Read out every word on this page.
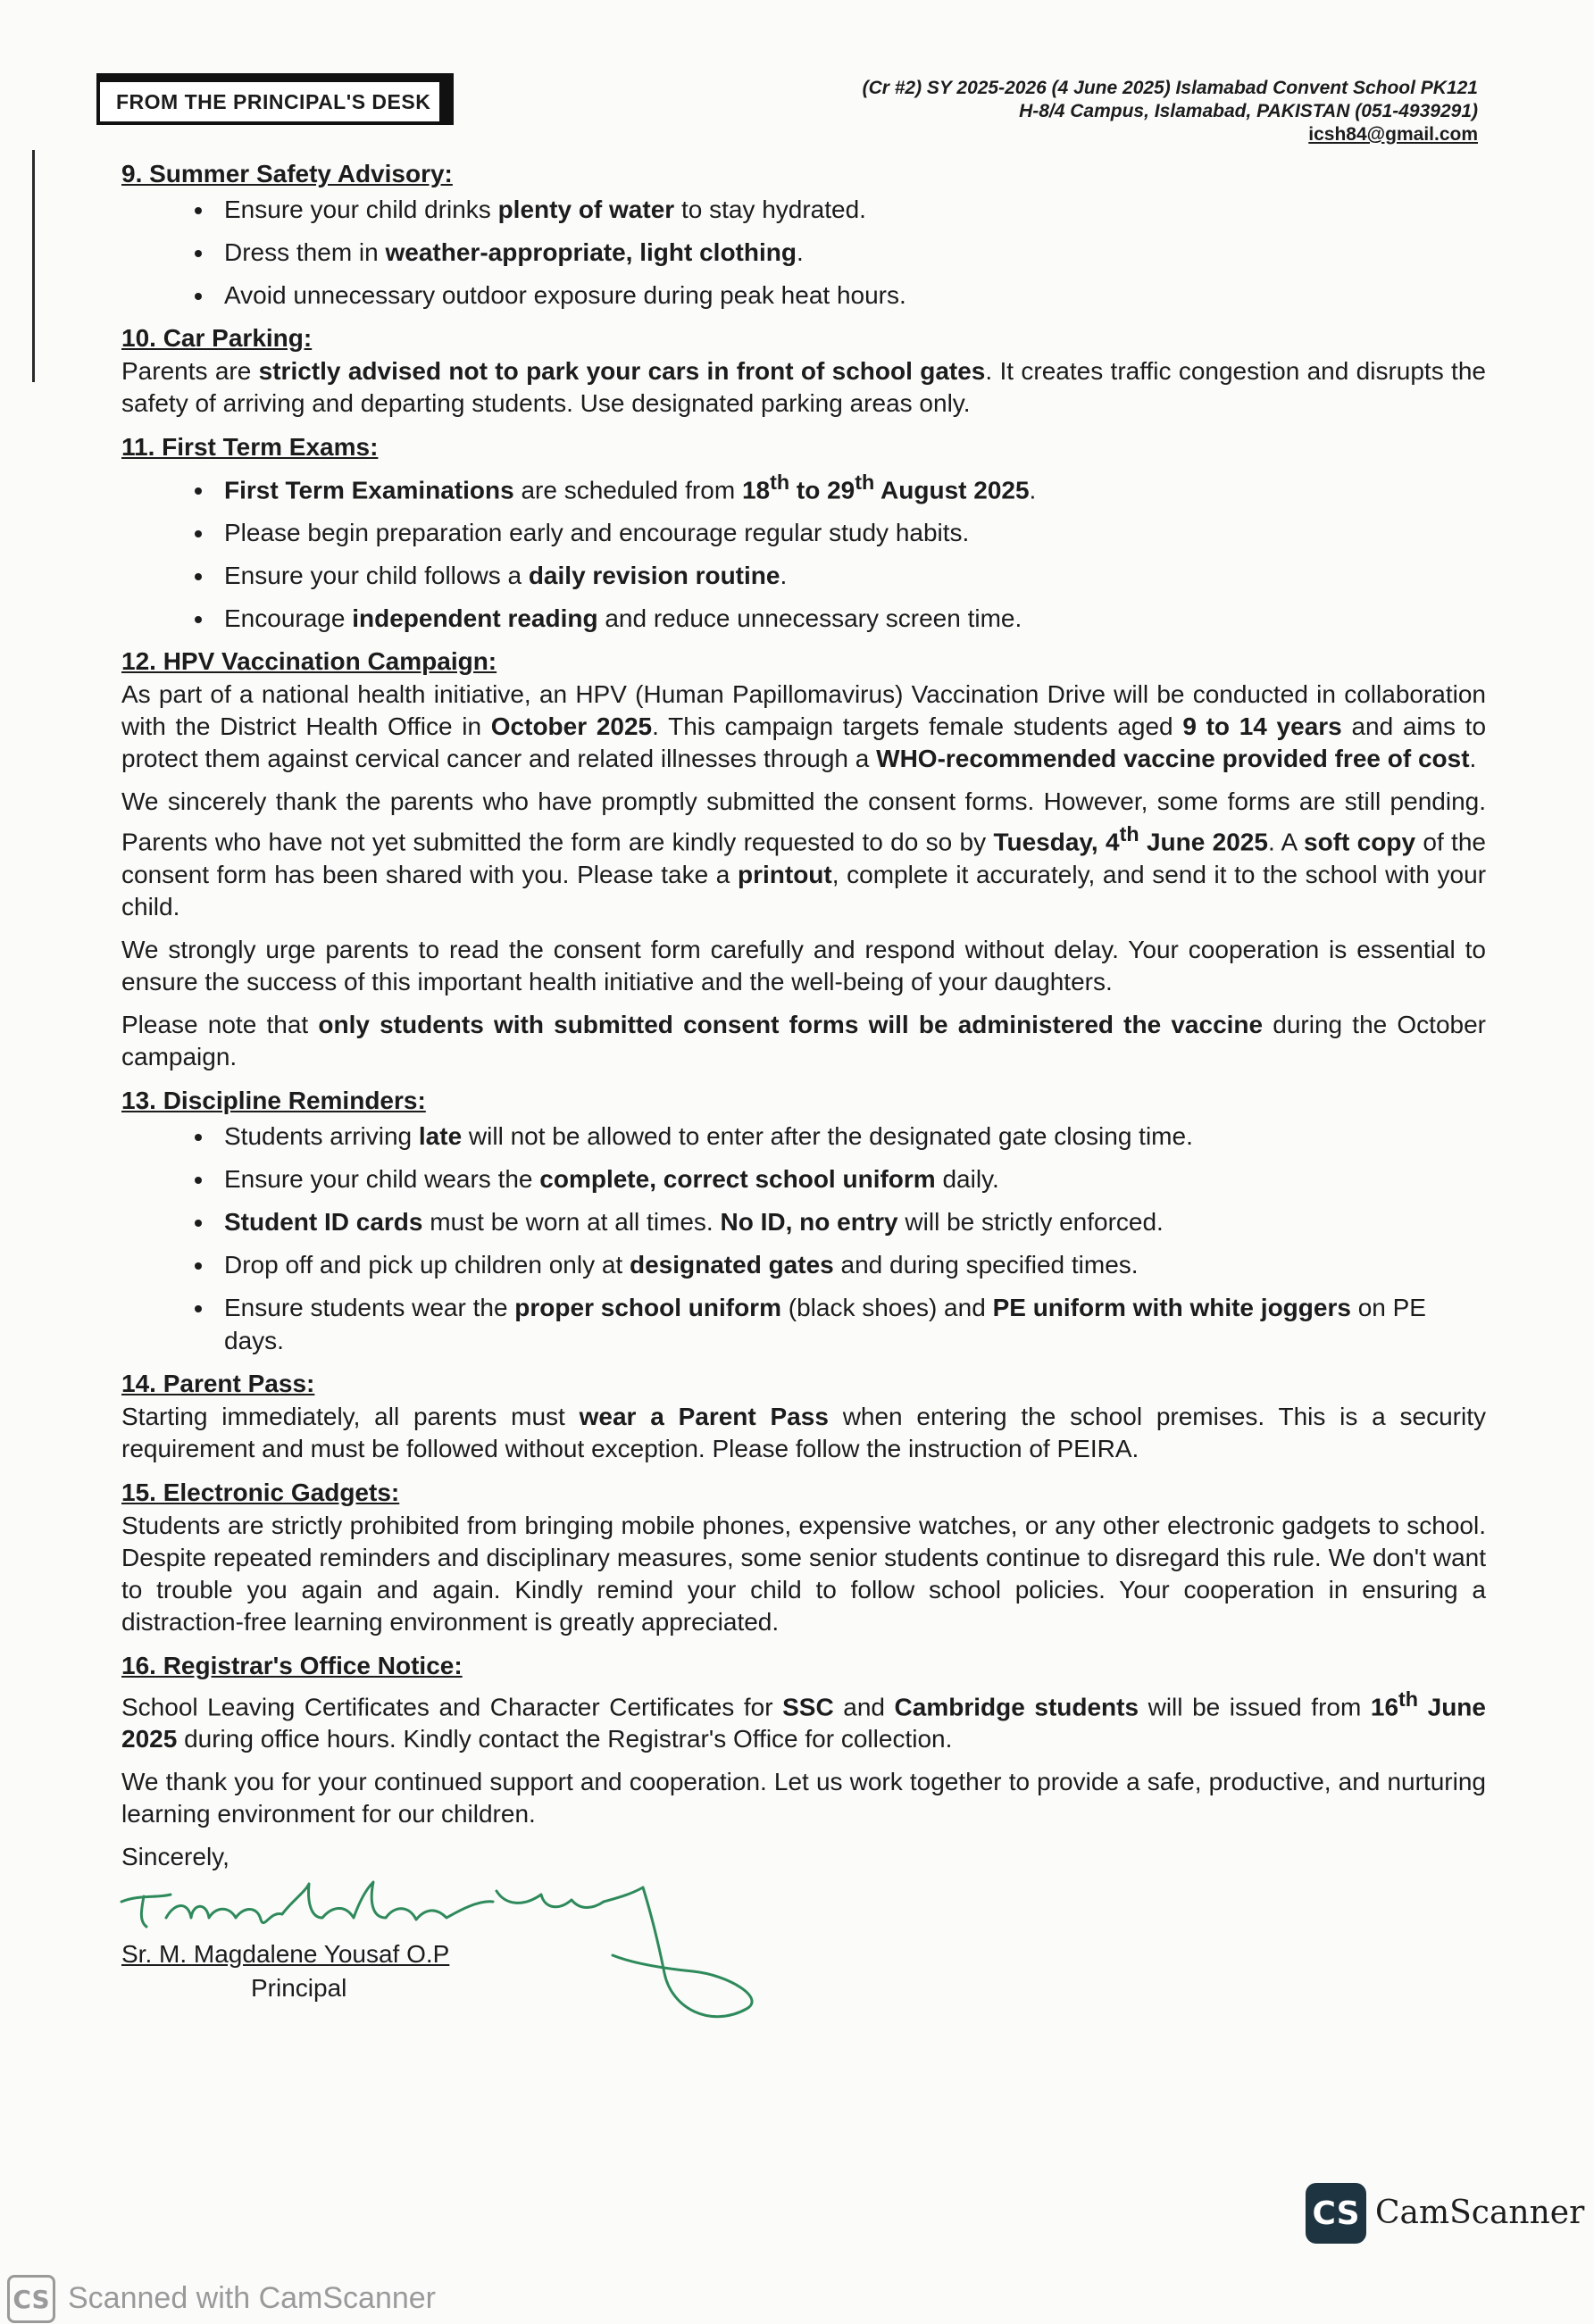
FROM THE PRINCIPAL'S DESK
(Cr #2) SY 2025-2026 (4 June 2025) Islamabad Convent School PK121
H-8/4 Campus, Islamabad, PAKISTAN (051-4939291)
icsh84@gmail.com
9. Summer Safety Advisory:
• Ensure your child drinks plenty of water to stay hydrated.
• Dress them in weather-appropriate, light clothing.
• Avoid unnecessary outdoor exposure during peak heat hours.
10. Car Parking:

Parents are strictly advised not to park your cars in front of school gates. It creates traffic congestion and disrupts the safety of arriving and departing students. Use designated parking areas only.

11. First Term Exams:
• First Term Examinations are scheduled from 18th to 29th August 2025.
• Please begin preparation early and encourage regular study habits.
• Ensure your child follows a daily revision routine.
• Encourage independent reading and reduce unnecessary screen time.
12. HPV Vaccination Campaign:

As part of a national health initiative, an HPV (Human Papillomavirus) Vaccination Drive will be conducted in collaboration with the District Health Office in October 2025. This campaign targets female students aged 9 to 14 years and aims to protect them against cervical cancer and related illnesses through a WHO-recommended vaccine provided free of cost.

We sincerely thank the parents who have promptly submitted the consent forms. However, some forms are still pending. Parents who have not yet submitted the form are kindly requested to do so by Tuesday, 4th June 2025. A soft copy of the consent form has been shared with you. Please take a printout, complete it accurately, and send it to the school with your child.

We strongly urge parents to read the consent form carefully and respond without delay. Your cooperation is essential to ensure the success of this important health initiative and the well-being of your daughters.

Please note that only students with submitted consent forms will be administered the vaccine during the October campaign.

13. Discipline Reminders:
• Students arriving late will not be allowed to enter after the designated gate closing time.
• Ensure your child wears the complete, correct school uniform daily.
• Student ID cards must be worn at all times. No ID, no entry will be strictly enforced.
• Drop off and pick up children only at designated gates and during specified times.
• Ensure students wear the proper school uniform (black shoes) and PE uniform with white joggers on PE days.
14. Parent Pass:

Starting immediately, all parents must wear a Parent Pass when entering the school premises. This is a security requirement and must be followed without exception. Please follow the instruction of PEIRA.

15. Electronic Gadgets:

Students are strictly prohibited from bringing mobile phones, expensive watches, or any other electronic gadgets to school. Despite repeated reminders and disciplinary measures, some senior students continue to disregard this rule. We don't want to trouble you again and again. Kindly remind your child to follow school policies. Your cooperation in ensuring a distraction-free learning environment is greatly appreciated.

16. Registrar's Office Notice:

School Leaving Certificates and Character Certificates for SSC and Cambridge students will be issued from 16th June 2025 during office hours. Kindly contact the Registrar's Office for collection.

We thank you for your continued support and cooperation. Let us work together to provide a safe, productive, and nurturing learning environment for our children.

Sincerely,

Sr. M. Magdalene Yousaf O.P
Principal
CS CamScanner
CS Scanned with CamScanner
